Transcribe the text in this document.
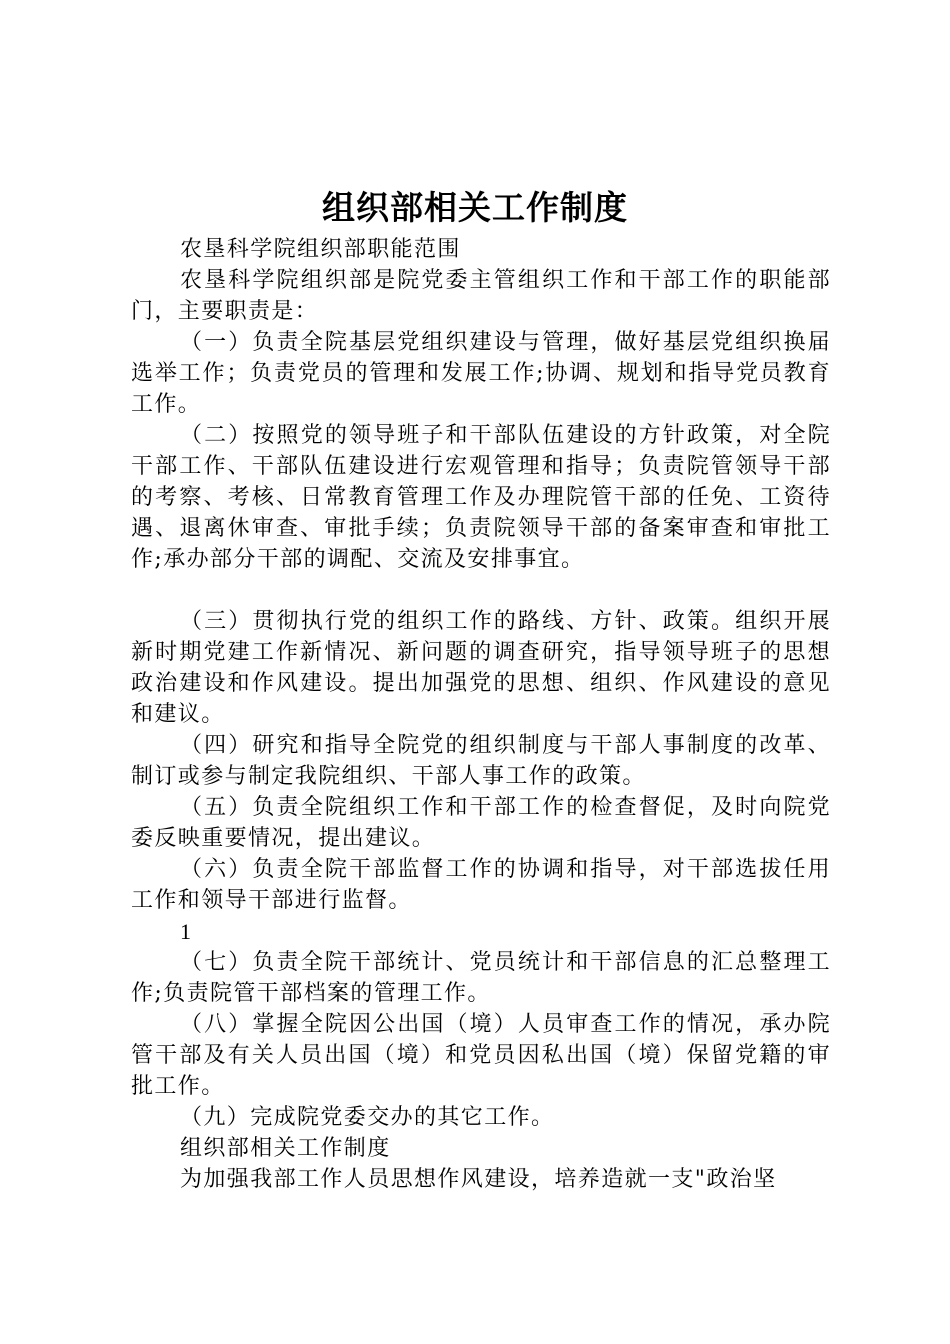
组织部相关工作制度

农垦科学院组织部职能范围

农垦科学院组织部是院党委主管组织工作和干部工作的职能部门，主要职责是：

（一）负责全院基层党组织建设与管理，做好基层党组织换届选举工作；负责党员的管理和发展工作;协调、规划和指导党员教育工作。

（二）按照党的领导班子和干部队伍建设的方针政策，对全院干部工作、干部队伍建设进行宏观管理和指导；负责院管领导干部的考察、考核、日常教育管理工作及办理院管干部的任免、工资待遇、退离休审查、审批手续；负责院领导干部的备案审查和审批工作;承办部分干部的调配、交流及安排事宜。

（三）贯彻执行党的组织工作的路线、方针、政策。组织开展新时期党建工作新情况、新问题的调查研究，指导领导班子的思想政治建设和作风建设。提出加强党的思想、组织、作风建设的意见和建议。

（四）研究和指导全院党的组织制度与干部人事制度的改革、制订或参与制定我院组织、干部人事工作的政策。

（五）负责全院组织工作和干部工作的检查督促，及时向院党委反映重要情况，提出建议。

（六）负责全院干部监督工作的协调和指导，对干部选拔任用工作和领导干部进行监督。

1

（七）负责全院干部统计、党员统计和干部信息的汇总整理工作;负责院管干部档案的管理工作。

（八）掌握全院因公出国（境）人员审查工作的情况，承办院管干部及有关人员出国（境）和党员因私出国（境）保留党籍的审批工作。

（九）完成院党委交办的其它工作。

组织部相关工作制度

为加强我部工作人员思想作风建设，培养造就一支"政治坚
